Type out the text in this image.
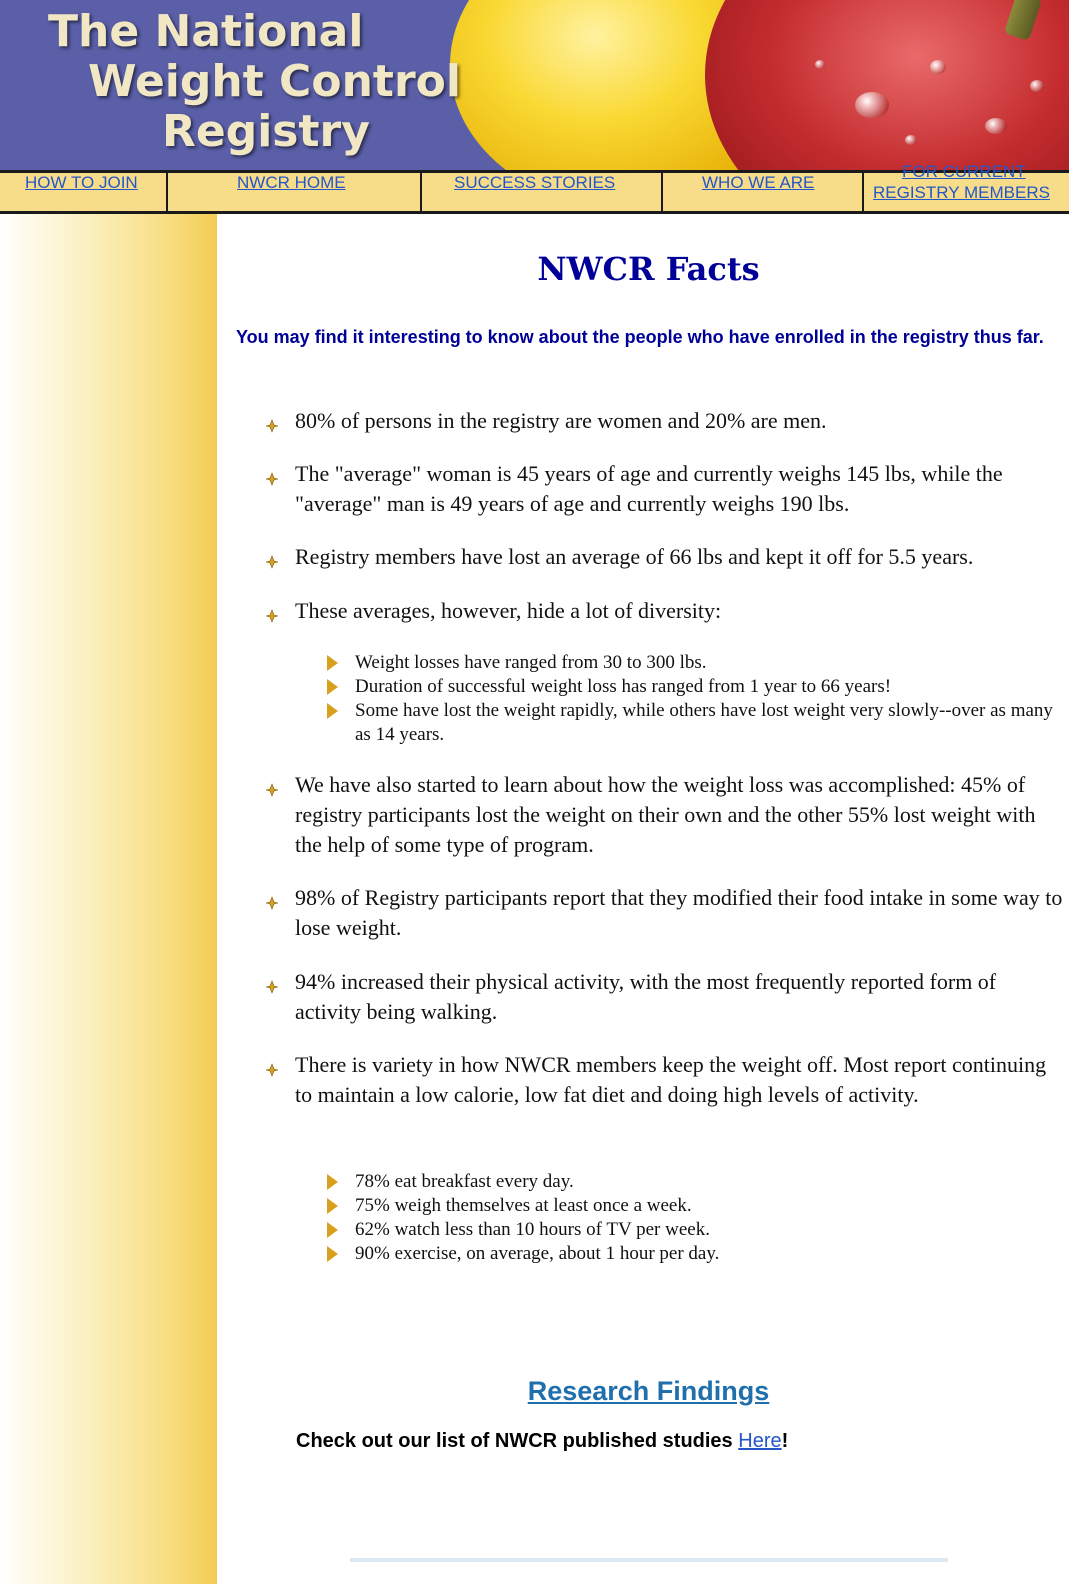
The National
Weight Control
Registry
HOW TO JOIN	NWCR HOME	SUCCESS STORIES	WHO WE ARE
FOR CURRENT
REGISTRY MEMBERS
NWCR Facts
You may find it interesting to know about the people who have enrolled in the registry thus far.
80% of persons in the registry are women and 20% are men.
The "average" woman is 45 years of age and currently weighs 145 lbs, while the "average" man is 49 years of age and currently weighs 190 lbs.
Registry members have lost an average of 66 lbs and kept it off for 5.5 years.
These averages, however, hide a lot of diversity:
Weight losses have ranged from 30 to 300 lbs.
Duration of successful weight loss has ranged from 1 year to 66 years!
Some have lost the weight rapidly, while others have lost weight very slowly--over as many as 14 years.
We have also started to learn about how the weight loss was accomplished: 45% of registry participants lost the weight on their own and the other 55% lost weight with the help of some type of program.
98% of Registry participants report that they modified their food intake in some way to lose weight.
94% increased their physical activity, with the most frequently reported form of activity being walking.
There is variety in how NWCR members keep the weight off. Most report continuing to maintain a low calorie, low fat diet and doing high levels of activity.
78% eat breakfast every day.
75% weigh themselves at least once a week.
62% watch less than 10 hours of TV per week.
90% exercise, on average, about 1 hour per day.
Research Findings
Check out our list of NWCR published studies Here!
